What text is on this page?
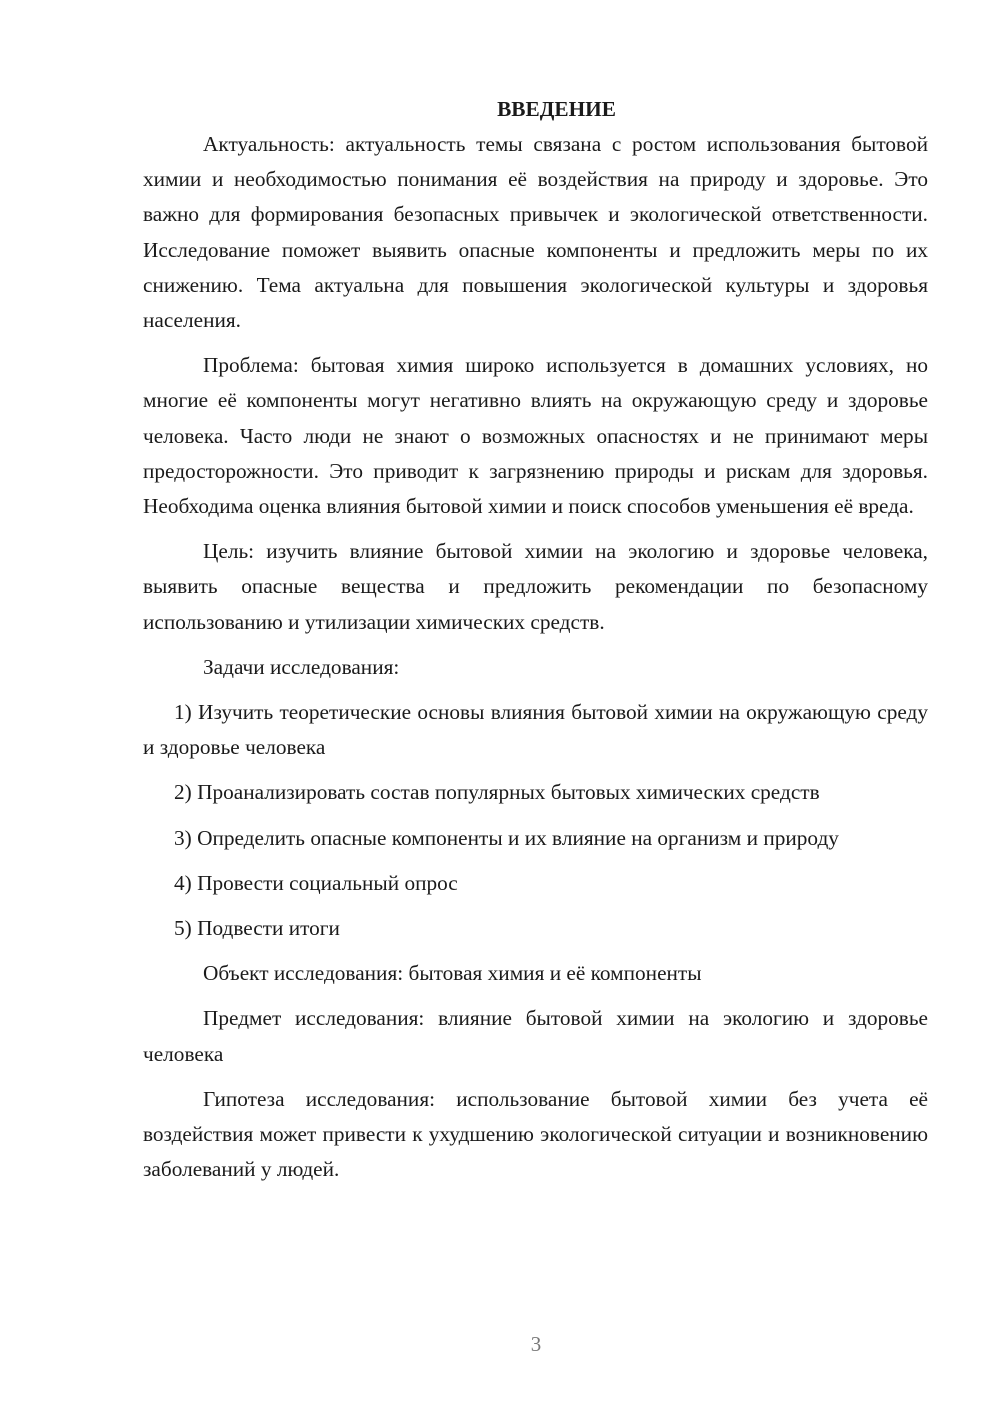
ВВЕДЕНИЕ

Актуальность: актуальность темы связана с ростом использования бытовой химии и необходимостью понимания её воздействия на природу и здоровье. Это важно для формирования безопасных привычек и экологической ответственности. Исследование поможет выявить опасные компоненты и предложить меры по их снижению. Тема актуальна для повышения экологической культуры и здоровья населения.

Проблема: бытовая химия широко используется в домашних условиях, но многие её компоненты могут негативно влиять на окружающую среду и здоровье человека. Часто люди не знают о возможных опасностях и не принимают меры предосторожности. Это приводит к загрязнению природы и рискам для здоровья. Необходима оценка влияния бытовой химии и поиск способов уменьшения её вреда.

Цель: изучить влияние бытовой химии на экологию и здоровье человека, выявить опасные вещества и предложить рекомендации по безопасному использованию и утилизации химических средств.

Задачи исследования:

1) Изучить теоретические основы влияния бытовой химии на окружающую среду и здоровье человека

2) Проанализировать состав популярных бытовых химических средств

3) Определить опасные компоненты и их влияние на организм и природу

4) Провести социальный опрос

5) Подвести итоги

Объект исследования: бытовая химия и её компоненты

Предмет исследования: влияние бытовой химии на экологию и здоровье человека

Гипотеза исследования: использование бытовой химии без учета её воздействия может привести к ухудшению экологической ситуации и возникновению заболеваний у людей.

3
